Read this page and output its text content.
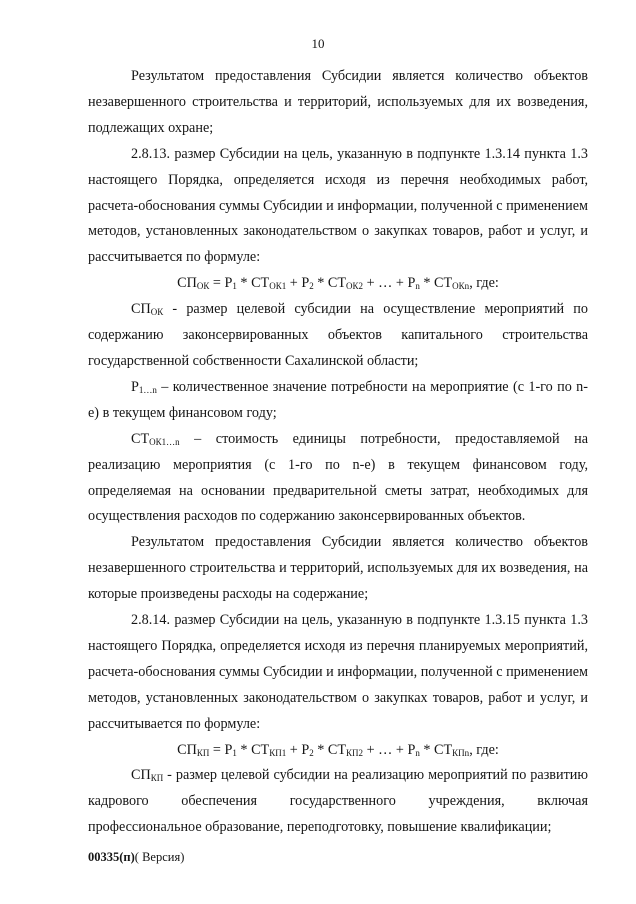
10

Результатом предоставления Субсидии является количество объектов незавершенного строительства и территорий, используемых для их возведения, подлежащих охране;

2.8.13. размер Субсидии на цель, указанную в подпункте 1.3.14 пункта 1.3 настоящего Порядка, определяется исходя из перечня необходимых работ, расчета-обоснования суммы Субсидии и информации, полученной с применением методов, установленных законодательством о закупках товаров, работ и услуг, и рассчитывается по формуле:

$СП_{ОК} = P_1 * СТ_{ОК1} + P_2 * СТ_{ОК2}$ + … + $P_n * СТ_{ОКn}$, где:

$СП_{ОК}$ - размер целевой субсидии на осуществление мероприятий по содержанию законсервированных объектов капитального строительства государственной собственности Сахалинской области;

$P_{1\dots n}$ – количественное значение потребности на мероприятие (с 1-го по n-е) в текущем финансовом году;

$СТ_{ОК1\dots n}$ – стоимость единицы потребности, предоставляемой на реализацию мероприятия (с 1-го по n-е) в текущем финансовом году, определяемая на основании предварительной сметы затрат, необходимых для осуществления расходов по содержанию законсервированных объектов.

Результатом предоставления Субсидии является количество объектов незавершенного строительства и территорий, используемых для их возведения, на которые произведены расходы на содержание;

2.8.14. размер Субсидии на цель, указанную в подпункте 1.3.15 пункта 1.3 настоящего Порядка, определяется исходя из перечня планируемых мероприятий, расчета-обоснования суммы Субсидии и информации, полученной с применением методов, установленных законодательством о закупках товаров, работ и услуг, и рассчитывается по формуле:

$СП_{КП} = P_1 * СТ_{КП1} + P_2 * СТ_{КП2}$ + … + $P_n * СТ_{КПn}$, где:

$СП_{КП}$ - размер целевой субсидии на реализацию мероприятий по развитию кадрового обеспечения государственного учреждения, включая профессиональное образование, переподготовку, повышение квалификации;

00335(п)( Версия)
